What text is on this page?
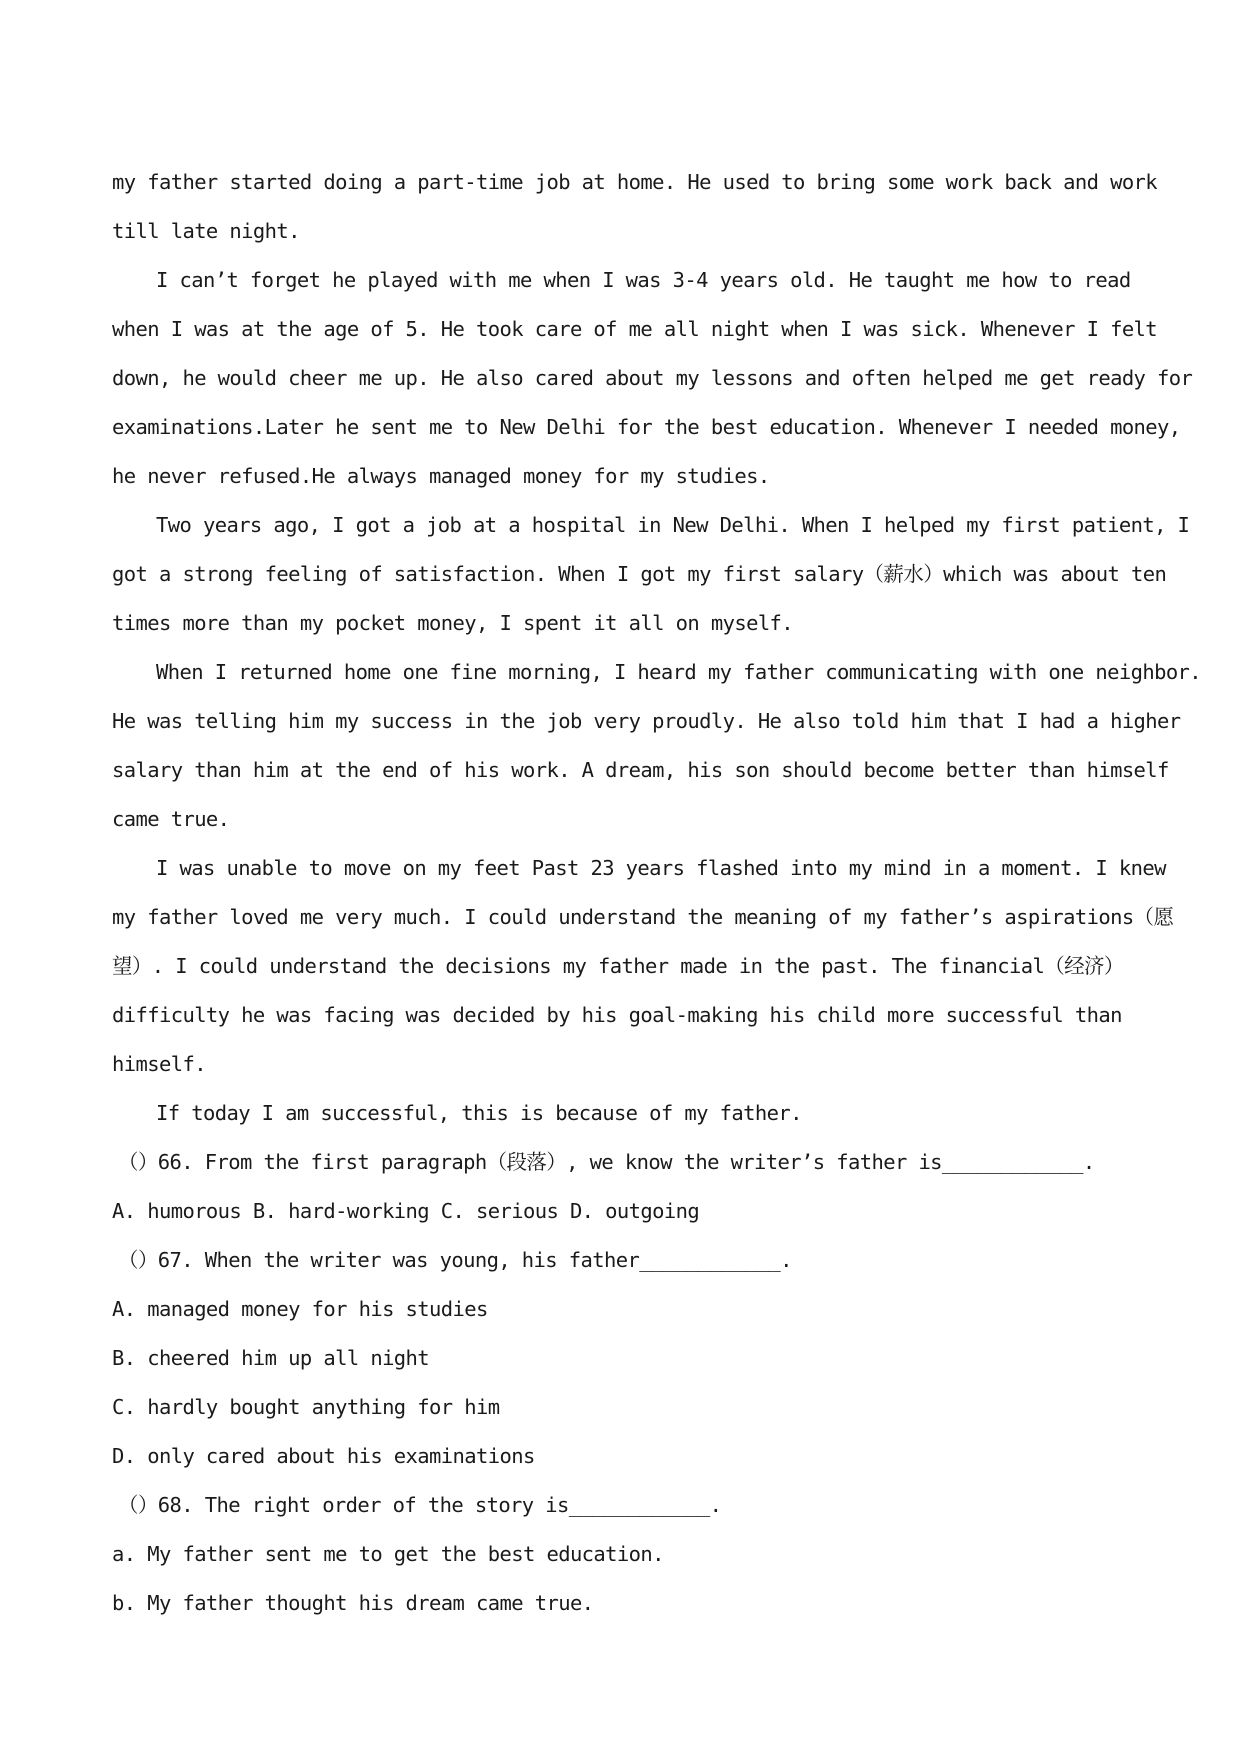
my father started doing a part-time job at home. He used to bring some work back and work
till late night.
I can’t forget he played with me when I was 3-4 years old. He taught me how to read
when I was at the age of 5. He took care of me all night when I was sick. Whenever I felt
down, he would cheer me up. He also cared about my lessons and often helped me get ready for
examinations.Later he sent me to New Delhi for the best education. Whenever I needed money,
he never refused.He always managed money for my studies.
Two years ago, I got a job at a hospital in New Delhi. When I helped my first patient, I
got a strong feeling of satisfaction. When I got my first salary（薪水）which was about ten
times more than my pocket money, I spent it all on myself.
When I returned home one fine morning, I heard my father communicating with one neighbor.
He was telling him my success in the job very proudly. He also told him that I had a higher
salary than him at the end of his work. A dream, his son should become better than himself
came true.
I was unable to move on my feet Past 23 years flashed into my mind in a moment. I knew
my father loved me very much. I could understand the meaning of my father’s aspirations（愿
望）. I could understand the decisions my father made in the past. The financial（经济）
difficulty he was facing was decided by his goal-making his child more successful than
himself.
If today I am successful, this is because of my father.
（）66. From the first paragraph（段落）, we know the writer’s father is____________.
A. humorous B. hard-working C. serious D. outgoing
（）67. When the writer was young, his father____________.
A. managed money for his studies
B. cheered him up all night
C. hardly bought anything for him
D. only cared about his examinations
（）68. The right order of the story is____________.
a. My father sent me to get the best education.
b. My father thought his dream came true.
